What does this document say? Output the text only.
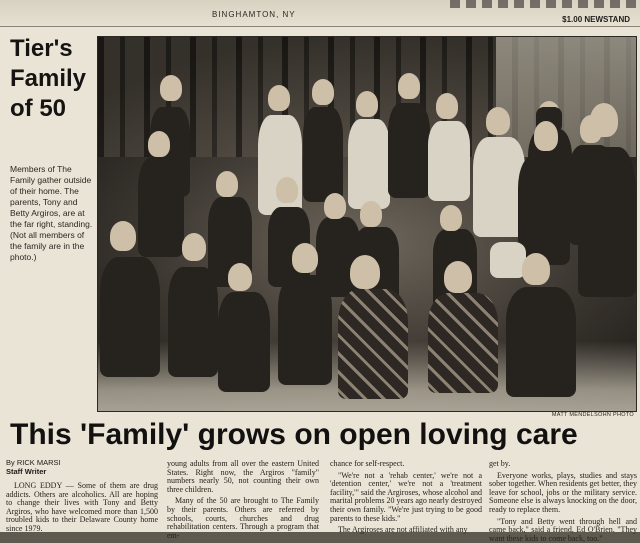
BINGHAMTON, NY
$1.00 NEWSTAND
Tier's
Family
of 50
Members of The Family gather outside of their home. The parents, Tony and Betty Argiros, are at the far right, standing. (Not all members of the family are in the photo.)
MATT MENDELSOHN PHOTO
This 'Family' grows on open loving care
By RICK MARSI
Staff Writer

LONG EDDY — Some of them are drug addicts. Others are alcoholics. All are hoping to change their lives with Tony and Betty Argiros, who have welcomed more than 1,500 troubled kids to their Delaware County home since 1979.

young adults from all over the eastern United States. Right now, the Argiros "family" numbers nearly 50, not counting their own three children.

Many of the 50 are brought to The Family by their parents. Others are referred by schools, courts, churches and drug rehabilitation centers. Through a program that em-

chance for self-respect.

"We're not a 'rehab center,' we're not a 'detention center,' we're not a 'treatment facility,'" said the Argiroses, whose alcohol and marital problems 20 years ago nearly destroyed their own family. "We're just trying to be good parents to these kids."

The Argiroses are not affiliated with any

get by.

Everyone works, plays, studies and stays sober together. When residents get better, they leave for school, jobs or the military service. Someone else is always knocking on the door, ready to replace them.

"Tony and Betty went through hell and came back," said a friend, Ed O'Brien. "They want these kids to come back, too."
